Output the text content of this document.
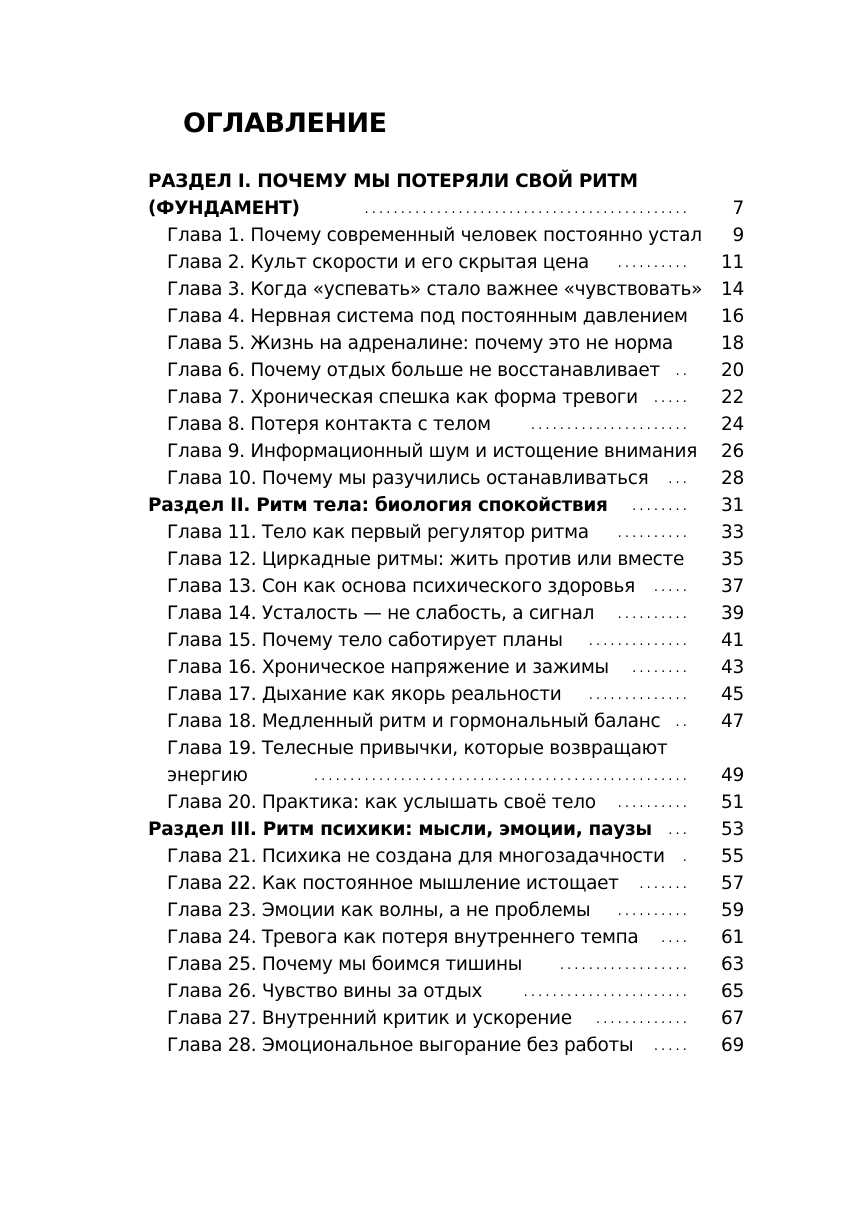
ОГЛАВЛЕНИЕ
РАЗДЕЛ I. ПОЧЕМУ МЫ ПОТЕРЯЛИ СВОЙ РИТМ
(ФУНДАМЕНТ)	.............................................	7
Глава 1. Почему современный человек постоянно устал	9
Глава 2. Культ скорости и его скрытая цена	..........	11
Глава 3. Когда «успевать» стало важнее «чувствовать»	14
Глава 4. Нервная система под постоянным давлением	16
Глава 5. Жизнь на адреналине: почему это не норма	18
Глава 6. Почему отдых больше не восстанавливает	..	20
Глава 7. Хроническая спешка как форма тревоги	.....	22
Глава 8. Потеря контакта с телом	......................	24
Глава 9. Информационный шум и истощение внимания	26
Глава 10. Почему мы разучились останавливаться	...	28
Раздел II. Ритм тела: биология спокойствия	........	31
Глава 11. Тело как первый регулятор ритма	..........	33
Глава 12. Циркадные ритмы: жить против или вместе	35
Глава 13. Сон как основа психического здоровья	.....	37
Глава 14. Усталость — не слабость, а сигнал	..........	39
Глава 15. Почему тело саботирует планы	..............	41
Глава 16. Хроническое напряжение и зажимы	........	43
Глава 17. Дыхание как якорь реальности	..............	45
Глава 18. Медленный ритм и гормональный баланс	..	47
Глава 19. Телесные привычки, которые возвращают
энергию	....................................................	49
Глава 20. Практика: как услышать своё тело	..........	51
Раздел III. Ритм психики: мысли, эмоции, паузы	...	53
Глава 21. Психика не создана для многозадачности	.	55
Глава 22. Как постоянное мышление истощает	.......	57
Глава 23. Эмоции как волны, а не проблемы	..........	59
Глава 24. Тревога как потеря внутреннего темпа	....	61
Глава 25. Почему мы боимся тишины	..................	63
Глава 26. Чувство вины за отдых	.......................	65
Глава 27. Внутренний критик и ускорение	.............	67
Глава 28. Эмоциональное выгорание без работы	.....	69
